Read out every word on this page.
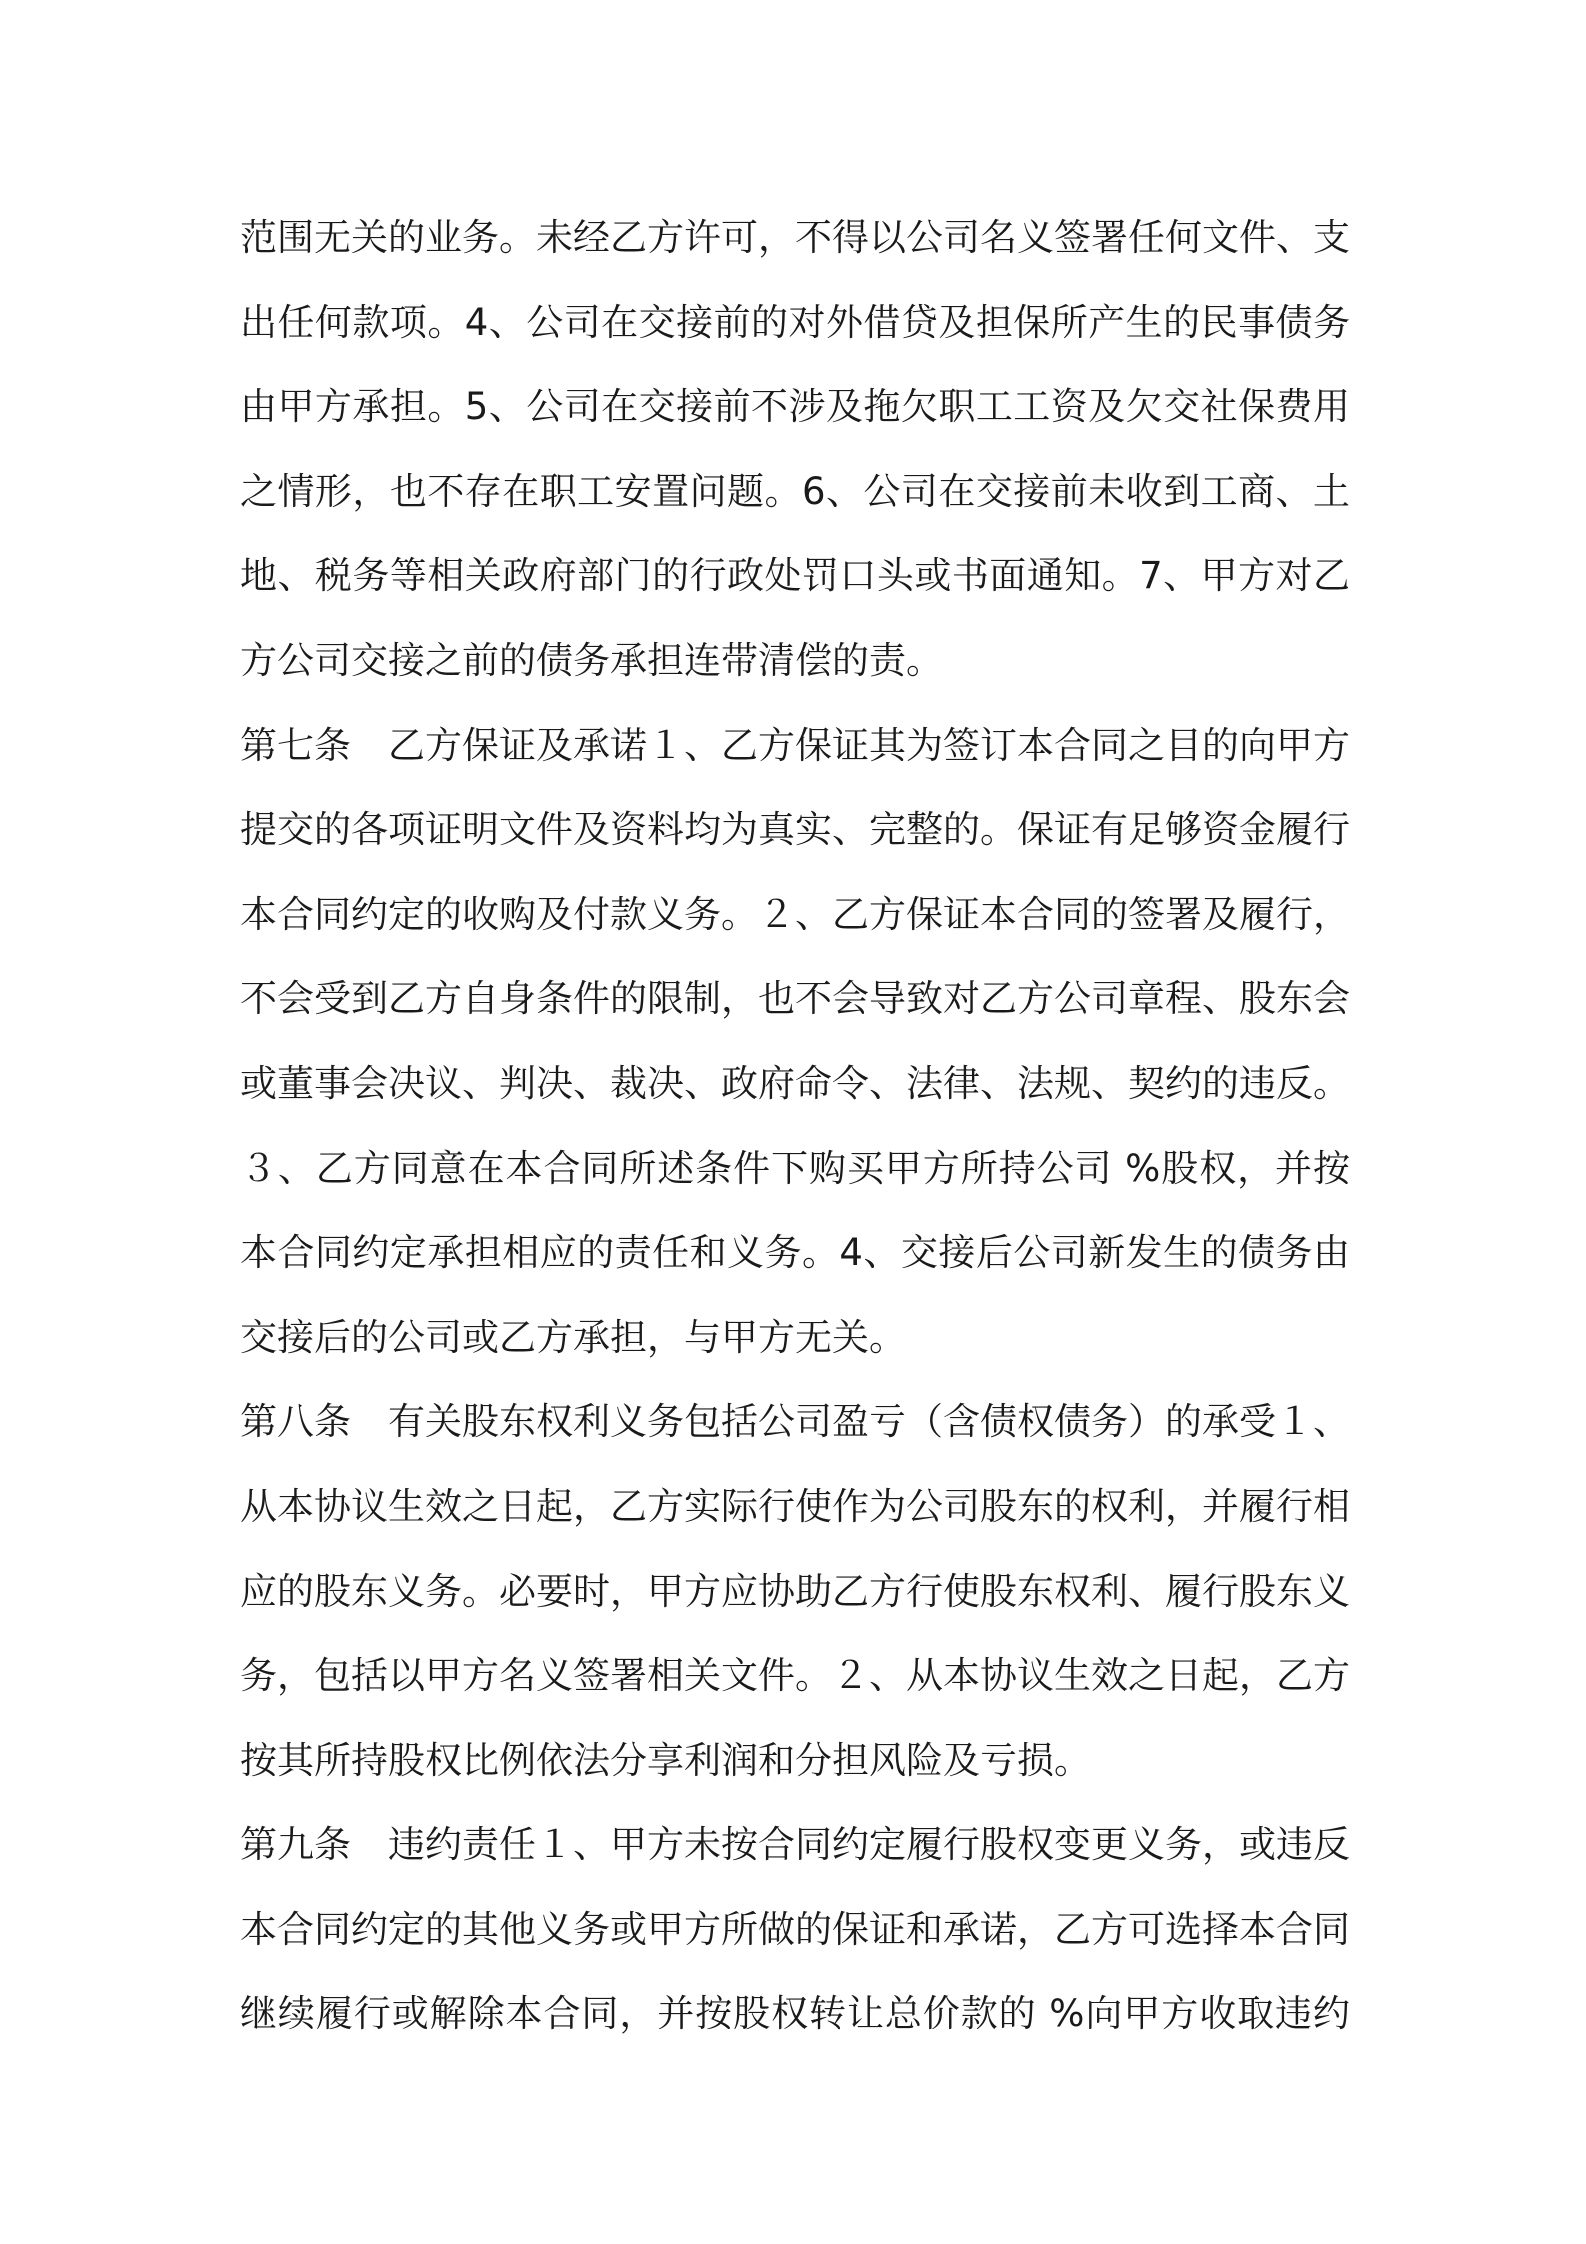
范围无关的业务。未经乙方许可，不得以公司名义签署任何文件、支
出任何款项。4、公司在交接前的对外借贷及担保所产生的民事债务
由甲方承担。5、公司在交接前不涉及拖欠职工工资及欠交社保费用
之情形，也不存在职工安置问题。6、公司在交接前未收到工商、土
地、税务等相关政府部门的行政处罚口头或书面通知。7、甲方对乙
方公司交接之前的债务承担连带清偿的责。
第七条　乙方保证及承诺１、乙方保证其为签订本合同之目的向甲方
提交的各项证明文件及资料均为真实、完整的。保证有足够资金履行
本合同约定的收购及付款义务。２、乙方保证本合同的签署及履行，
不会受到乙方自身条件的限制，也不会导致对乙方公司章程、股东会
或董事会决议、判决、裁决、政府命令、法律、法规、契约的违反。
３、乙方同意在本合同所述条件下购买甲方所持公司 %股权，并按
本合同约定承担相应的责任和义务。4、交接后公司新发生的债务由
交接后的公司或乙方承担，与甲方无关。
第八条　有关股东权利义务包括公司盈亏（含债权债务）的承受１、
从本协议生效之日起，乙方实际行使作为公司股东的权利，并履行相
应的股东义务。必要时，甲方应协助乙方行使股东权利、履行股东义
务，包括以甲方名义签署相关文件。２、从本协议生效之日起，乙方
按其所持股权比例依法分享利润和分担风险及亏损。
第九条　违约责任１、甲方未按合同约定履行股权变更义务，或违反
本合同约定的其他义务或甲方所做的保证和承诺，乙方可选择本合同
继续履行或解除本合同，并按股权转让总价款的 %向甲方收取违约
